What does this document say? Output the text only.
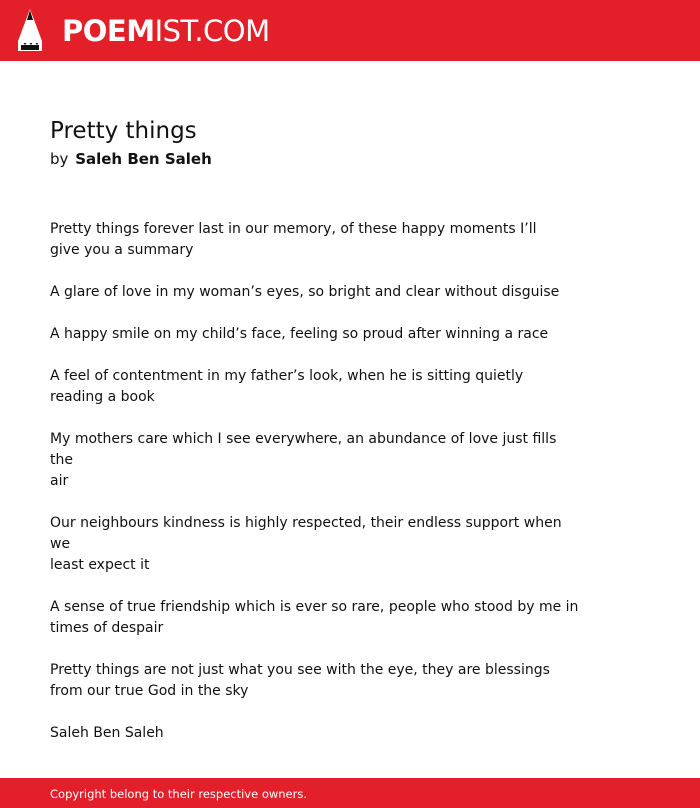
POEMIST.COM
Pretty things
by Saleh Ben Saleh

Pretty things forever last in our memory, of these happy moments I’ll
give you a summary

A glare of love in my woman’s eyes, so bright and clear without disguise

A happy smile on my child’s face, feeling so proud after winning a race

A feel of contentment in my father’s look, when he is sitting quietly
reading a book

My mothers care which I see everywhere, an abundance of love just fills the
air

Our neighbours kindness is highly respected, their endless support when we
least expect it

A sense of true friendship which is ever so rare, people who stood by me in
times of despair

Pretty things are not just what you see with the eye, they are blessings
from our true God in the sky

Saleh Ben Saleh

Copyright belong to their respective owners.
